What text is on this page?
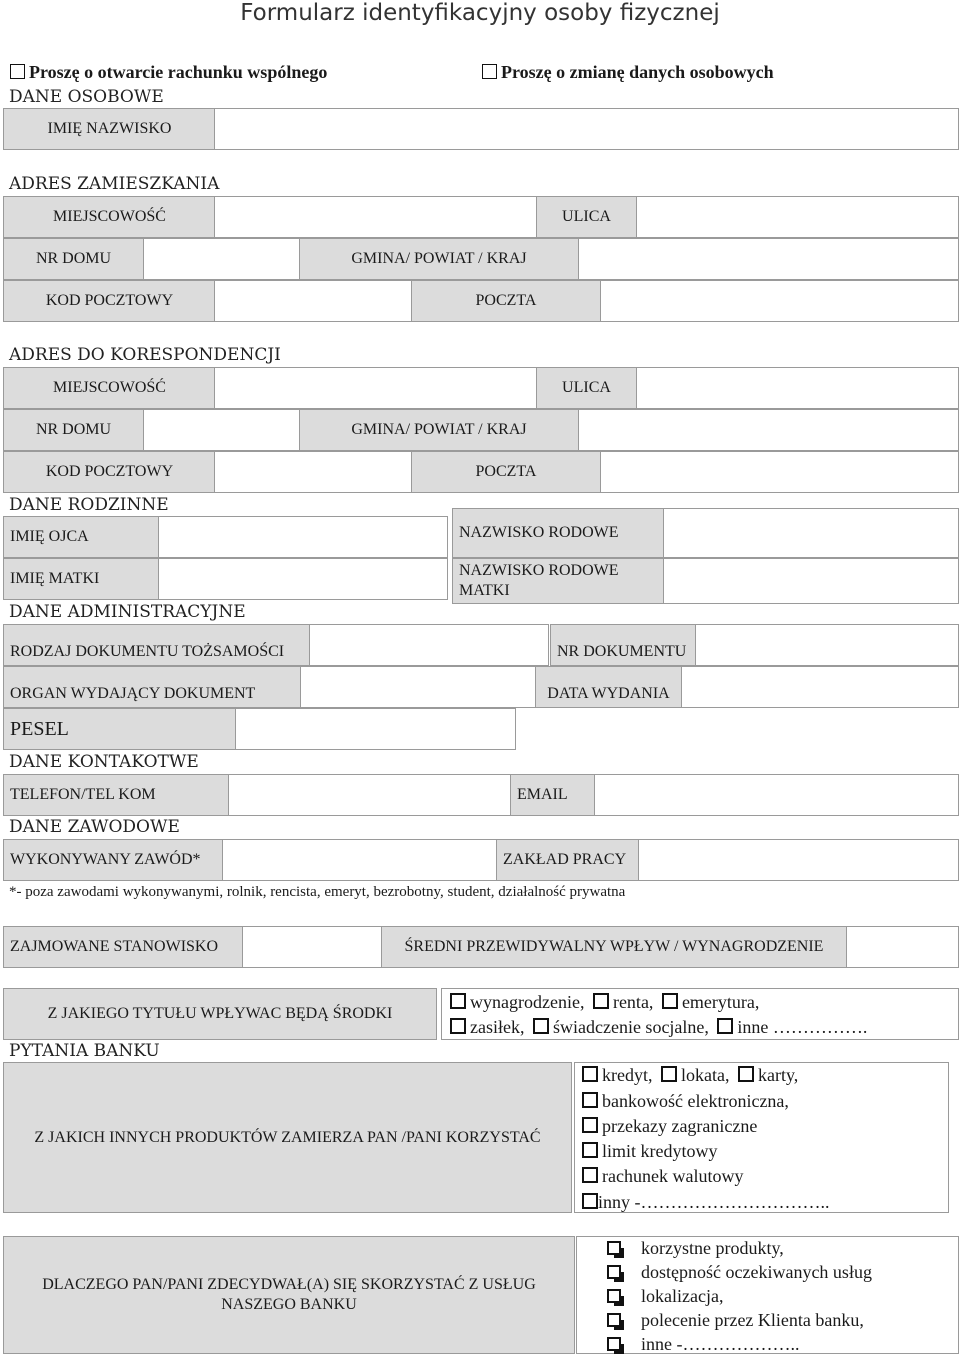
Formularz identyfikacyjny osoby fizycznej
Proszę o otwarcie rachunku wspólnego	Proszę o zmianę danych osobowych
DANE OSOBOWE
IMIĘ NAZWISKO
ADRES ZAMIESZKANIA
MIEJSCOWOŚĆ	ULICA
NR DOMU	GMINA/ POWIAT / KRAJ
KOD POCZTOWY	POCZTA
ADRES DO KORESPONDENCJI
MIEJSCOWOŚĆ	ULICA
NR DOMU	GMINA/ POWIAT / KRAJ
KOD POCZTOWY	POCZTA
DANE RODZINNE
IMIĘ OJCA	NAZWISKO RODOWE
IMIĘ MATKI	NAZWISKO RODOWE MATKI
DANE ADMINISTRACYJNE
RODZAJ DOKUMENTU TOŻSAMOŚCI	NR DOKUMENTU
ORGAN WYDAJĄCY DOKUMENT	DATA WYDANIA
PESEL
DANE KONTAKOTWE
TELEFON/TEL KOM	EMAIL
DANE ZAWODOWE
WYKONYWANY ZAWÓD*	ZAKŁAD PRACY
*- poza zawodami wykonywanymi, rolnik, rencista, emeryt, bezrobotny, student, działalność prywatna
ZAJMOWANE STANOWISKO	ŚREDNI PRZEWIDYWALNY WPŁYW / WYNAGRODZENIE
Z JAKIEGO TYTUŁU WPŁYWAC BĘDĄ ŚRODKI
wynagrodzenie, renta, emerytura,
zasiłek, świadczenie socjalne, inne …………….
PYTANIA BANKU
Z JAKICH INNYCH PRODUKTÓW ZAMIERZA PAN /PANI KORZYSTAĆ
kredyt, lokata, karty,
bankowość elektroniczna,
przekazy zagraniczne
limit kredytowy
rachunek walutowy
inny -…………………………..
DLACZEGO PAN/PANI ZDECYDWAŁ(A) SIĘ SKORZYSTAĆ Z USŁUG NASZEGO BANKU
korzystne produkty,
dostępność oczekiwanych usług
lokalizacja,
polecenie przez Klienta banku,
inne -………………..
